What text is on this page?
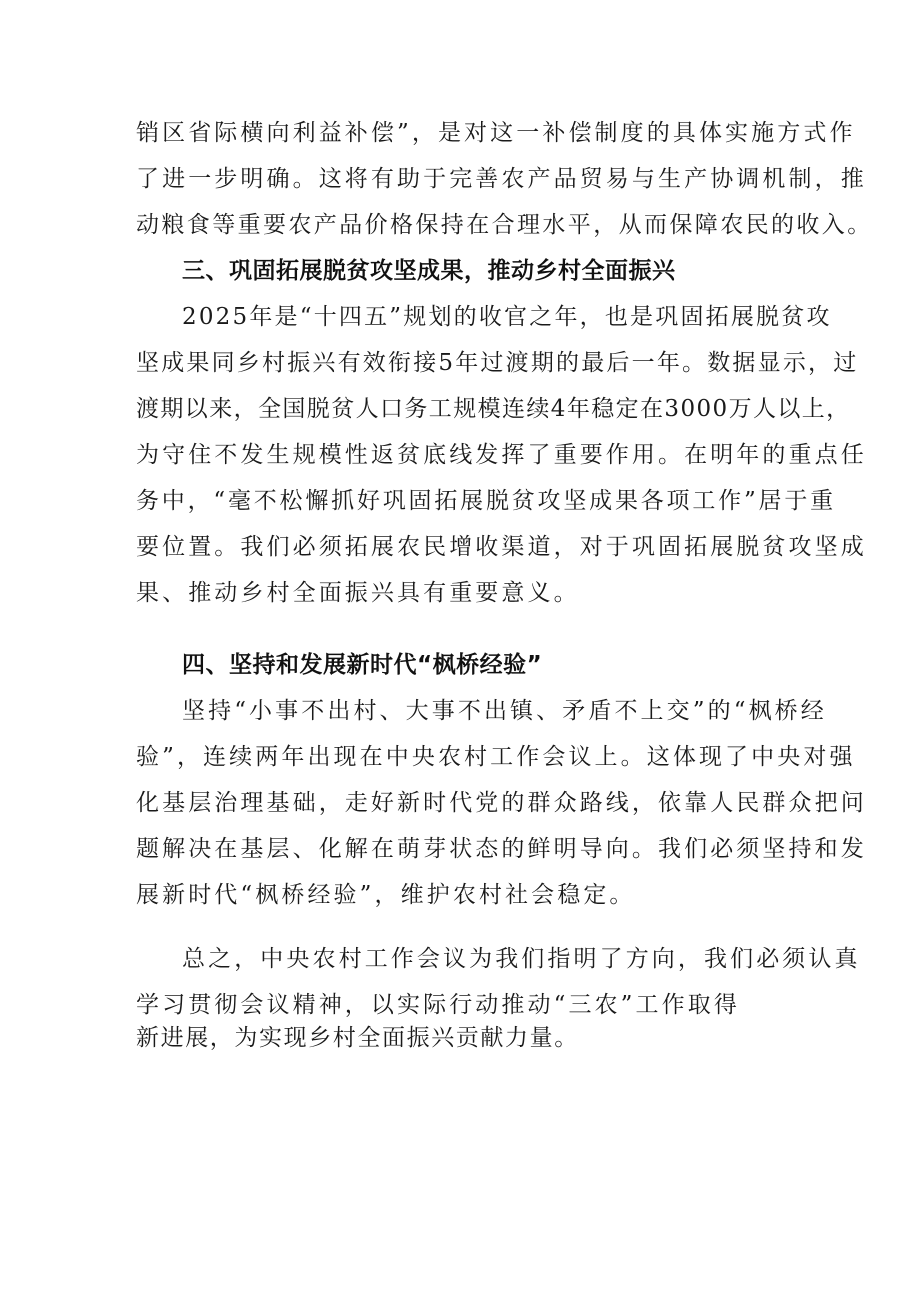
销区省际横向利益补偿”，是对这一补偿制度的具体实施方式作

了进一步明确。这将有助于完善农产品贸易与生产协调机制，推

动粮食等重要农产品价格保持在合理水平，从而保障农民的收入。

三、巩固拓展脱贫攻坚成果，推动乡村全面振兴

2025年是“十四五”规划的收官之年，也是巩固拓展脱贫攻

坚成果同乡村振兴有效衔接5年过渡期的最后一年。数据显示，过

渡期以来，全国脱贫人口务工规模连续4年稳定在3000万人以上，

为守住不发生规模性返贫底线发挥了重要作用。在明年的重点任

务中，“毫不松懈抓好巩固拓展脱贫攻坚成果各项工作”居于重

要位置。我们必须拓展农民增收渠道，对于巩固拓展脱贫攻坚成

果、推动乡村全面振兴具有重要意义。

四、坚持和发展新时代“枫桥经验”

坚持“小事不出村、大事不出镇、矛盾不上交”的“枫桥经

验”，连续两年出现在中央农村工作会议上。这体现了中央对强

化基层治理基础，走好新时代党的群众路线，依靠人民群众把问

题解决在基层、化解在萌芽状态的鲜明导向。我们必须坚持和发

展新时代“枫桥经验”，维护农村社会稳定。

总之，中央农村工作会议为我们指明了方向，我们必须认真

学习贯彻会议精神，以实际行动推动“三农”工作取得

新进展，为实现乡村全面振兴贡献力量。
